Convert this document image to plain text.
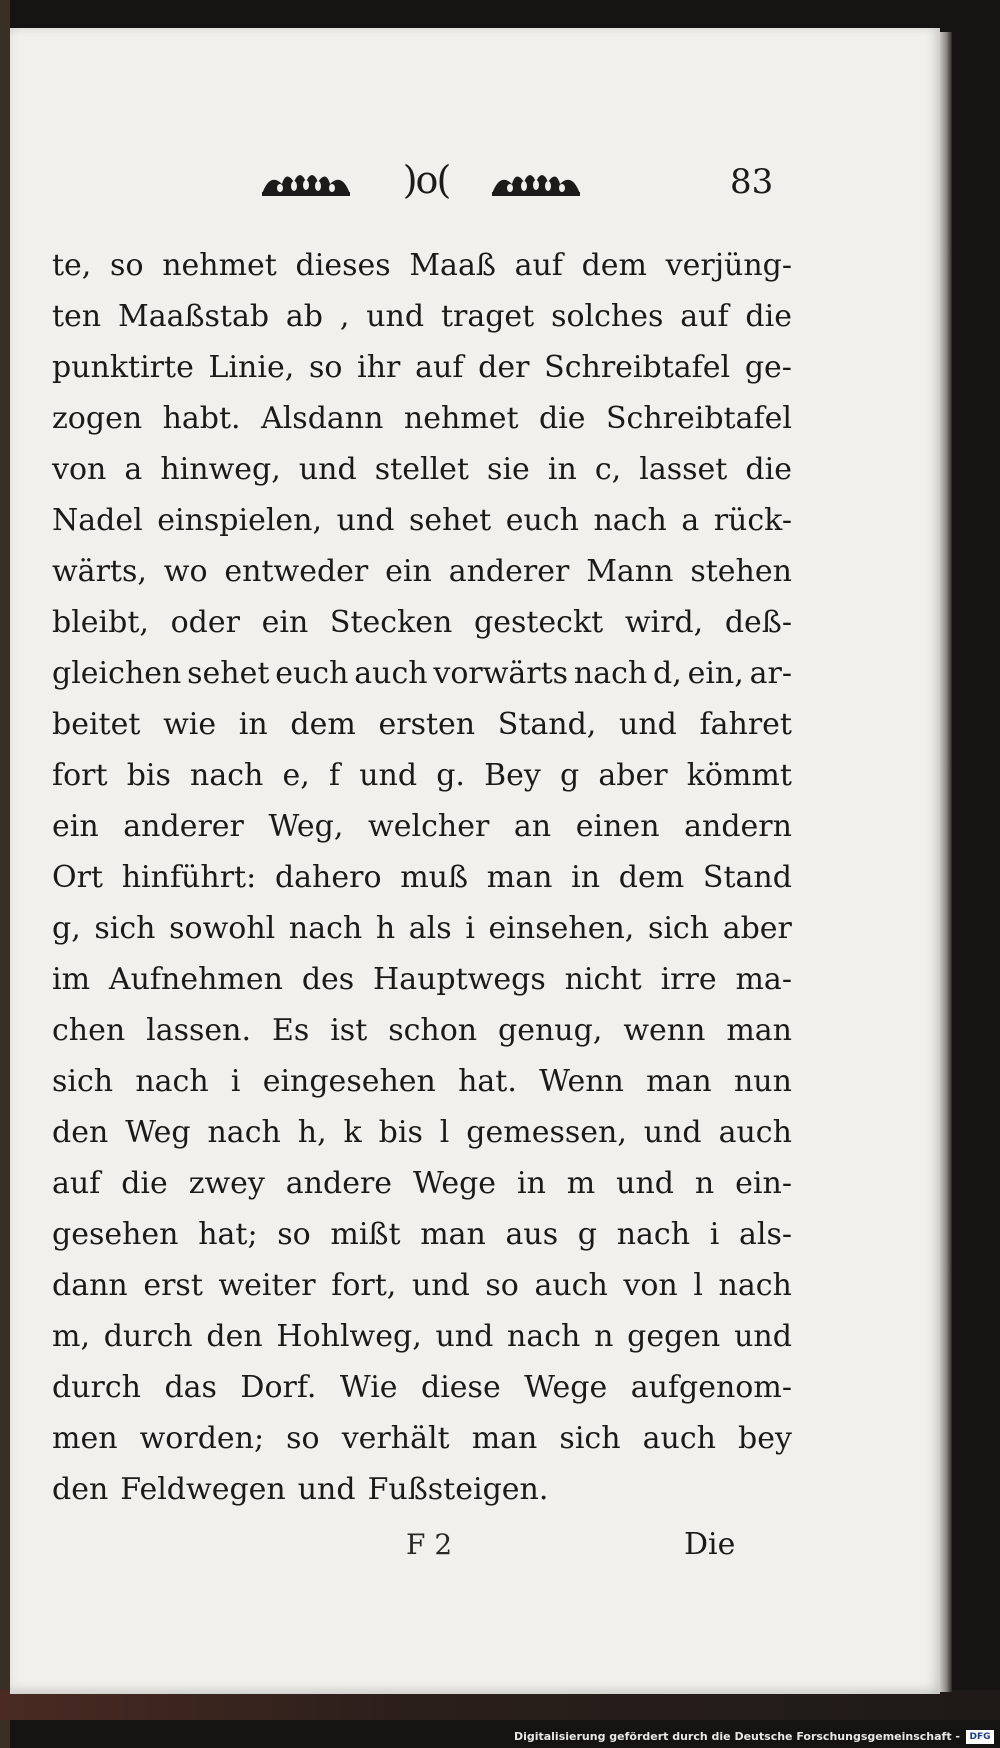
)o(	83
te, so nehmet dieses Maaß auf dem verjüng-
ten Maaßstab ab , und traget solches auf die
punktirte Linie, so ihr auf der Schreibtafel ge-
zogen habt. Alsdann nehmet die Schreibtafel
von a hinweg, und stellet sie in c, lasset die
Nadel einspielen, und sehet euch nach a rück-
wärts, wo entweder ein anderer Mann stehen
bleibt, oder ein Stecken gesteckt wird, deß-
gleichen sehet euch auch vorwärts nach d, ein, ar-
beitet wie in dem ersten Stand, und fahret
fort bis nach e, f und g. Bey g aber kömmt
ein anderer Weg, welcher an einen andern
Ort hinführt: dahero muß man in dem Stand
g, sich sowohl nach h als i einsehen, sich aber
im Aufnehmen des Hauptwegs nicht irre ma-
chen lassen. Es ist schon genug, wenn man
sich nach i eingesehen hat. Wenn man nun
den Weg nach h, k bis l gemessen, und auch
auf die zwey andere Wege in m und n ein-
gesehen hat; so mißt man aus g nach i als-
dann erst weiter fort, und so auch von l nach
m, durch den Hohlweg, und nach n gegen und
durch das Dorf. Wie diese Wege aufgenom-
men worden; so verhält man sich auch bey
den Feldwegen und Fußsteigen.
F 2	Die
Digitalisierung gefördert durch die Deutsche Forschungsgemeinschaft -	DFG
